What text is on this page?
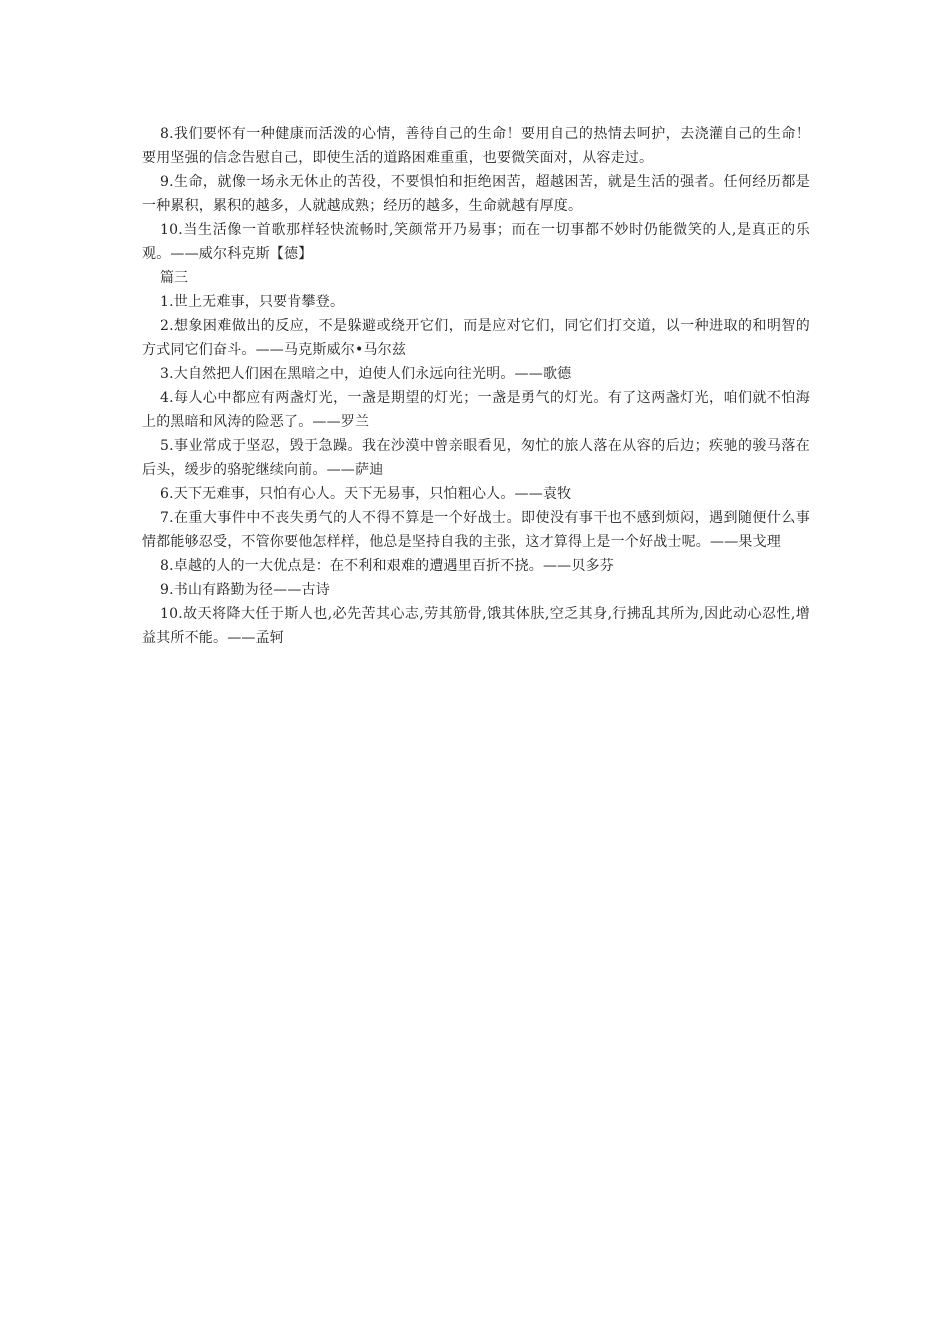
8.我们要怀有一种健康而活泼的心情，善待自己的生命！要用自己的热情去呵护，去浇灌自己的生命！要用坚强的信念告慰自己，即使生活的道路困难重重，也要微笑面对，从容走过。

9.生命，就像一场永无休止的苦役，不要惧怕和拒绝困苦，超越困苦，就是生活的强者。任何经历都是一种累积，累积的越多，人就越成熟；经历的越多，生命就越有厚度。

10.当生活像一首歌那样轻快流畅时,笑颜常开乃易事；而在一切事都不妙时仍能微笑的人,是真正的乐观。——威尔科克斯【德】

篇三

1.世上无难事，只要肯攀登。

2.想象困难做出的反应，不是躲避或绕开它们，而是应对它们，同它们打交道，以一种进取的和明智的方式同它们奋斗。——马克斯威尔•马尔兹

3.大自然把人们困在黑暗之中，迫使人们永远向往光明。——歌德

4.每人心中都应有两盏灯光，一盏是期望的灯光；一盏是勇气的灯光。有了这两盏灯光，咱们就不怕海上的黑暗和风涛的险恶了。——罗兰

5.事业常成于坚忍，毁于急躁。我在沙漠中曾亲眼看见，匆忙的旅人落在从容的后边；疾驰的骏马落在后头，缓步的骆驼继续向前。——萨迪

6.天下无难事，只怕有心人。天下无易事，只怕粗心人。——袁牧

7.在重大事件中不丧失勇气的人不得不算是一个好战士。即使没有事干也不感到烦闷，遇到随便什么事情都能够忍受，不管你要他怎样样，他总是坚持自我的主张，这才算得上是一个好战士呢。——果戈理

8.卓越的人的一大优点是：在不利和艰难的遭遇里百折不挠。——贝多芬

9.书山有路勤为径——古诗

10.故天将降大任于斯人也,必先苦其心志,劳其筋骨,饿其体肤,空乏其身,行拂乱其所为,因此动心忍性,增益其所不能。——孟轲
